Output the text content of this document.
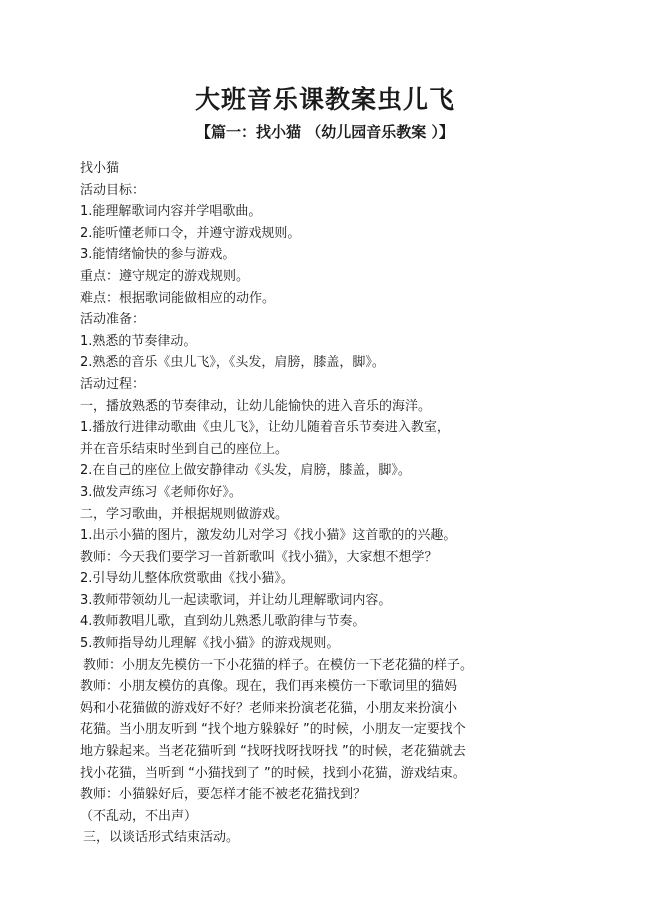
大班音乐课教案虫儿飞
【篇一：找小猫 （幼儿园音乐教案 ）】
找小猫
活动目标：
1.能理解歌词内容并学唱歌曲。
2.能听懂老师口令，并遵守游戏规则。
3.能情绪愉快的参与游戏。
重点：遵守规定的游戏规则。
难点：根据歌词能做相应的动作。
活动准备：
1.熟悉的节奏律动。
2.熟悉的音乐《虫儿飞》，《头发，肩膀，膝盖，脚》。
活动过程：
一，播放熟悉的节奏律动，让幼儿能愉快的进入音乐的海洋。
1.播放行进律动歌曲《虫儿飞》，让幼儿随着音乐节奏进入教室，
并在音乐结束时坐到自己的座位上。
2.在自己的座位上做安静律动《头发，肩膀，膝盖，脚》。
3.做发声练习《老师你好》。
二，学习歌曲，并根据规则做游戏。
1.出示小猫的图片，激发幼儿对学习《找小猫》这首歌的的兴趣。
教师：今天我们要学习一首新歌叫《找小猫》，大家想不想学？
2.引导幼儿整体欣赏歌曲《找小猫》。
3.教师带领幼儿一起读歌词，并让幼儿理解歌词内容。
4.教师教唱儿歌，直到幼儿熟悉儿歌韵律与节奏。
5.教师指导幼儿理解《找小猫》的游戏规则。
教师：小朋友先模仿一下小花猫的样子。在模仿一下老花猫的样子。
教师：小朋友模仿的真像。现在，我们再来模仿一下歌词里的猫妈
妈和小花猫做的游戏好不好？老师来扮演老花猫，小朋友来扮演小
花猫。当小朋友听到 “找个地方躲躲好 ”的时候，小朋友一定要找个
地方躲起来。当老花猫听到 “找呀找呀找呀找 ”的时候，老花猫就去
找小花猫，当听到 “小猫找到了 ”的时候，找到小花猫，游戏结束。
教师：小猫躲好后，要怎样才能不被老花猫找到？
（不乱动，不出声）
三，以谈话形式结束活动。
